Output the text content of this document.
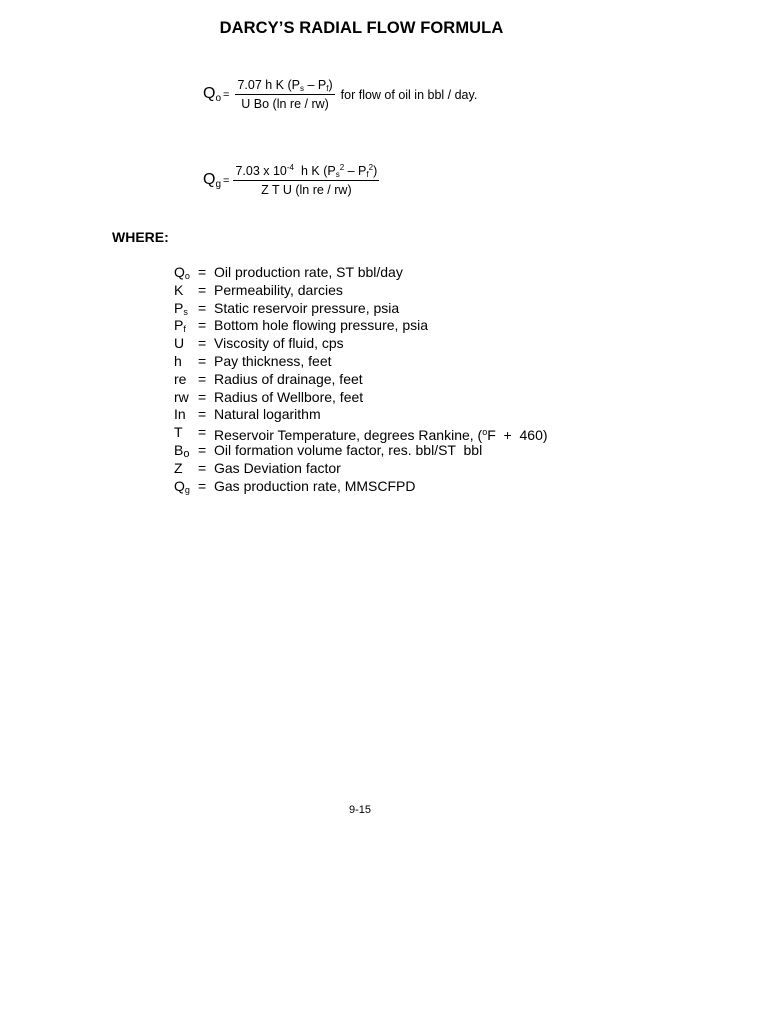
DARCY’S RADIAL FLOW FORMULA
$Q_o = \frac{7.07 h K (P_s - P_f)}{\text{U Bo (ln re / rw)}}$ for flow of oil in bbl / day.
$Q_g = \frac{7.03 x 10^{-4} h K (P_s^2 - P_f^2)}{\text{Z T U (ln re / rw)}}$
WHERE:
$Q_o$ = Oil production rate, ST bbl/day
K	= Permeability, darcies
$P_s$ = Static reservoir pressure, psia
$P_f$ = Bottom hole flowing pressure, psia
U = Viscosity of fluid, cps
h	= Pay thickness, feet
re = Radius of drainage, feet
rw = Radius of Wellbore, feet
In = Natural logarithm
T	= Reservoir Temperature, degrees Rankine, ($^o$F  +  460)
$B_o$ = Oil formation volume factor, res. bbl/ST  bbl
Z	= Gas Deviation factor
$Q_g$ = Gas production rate, MMSCFPD
9-15
